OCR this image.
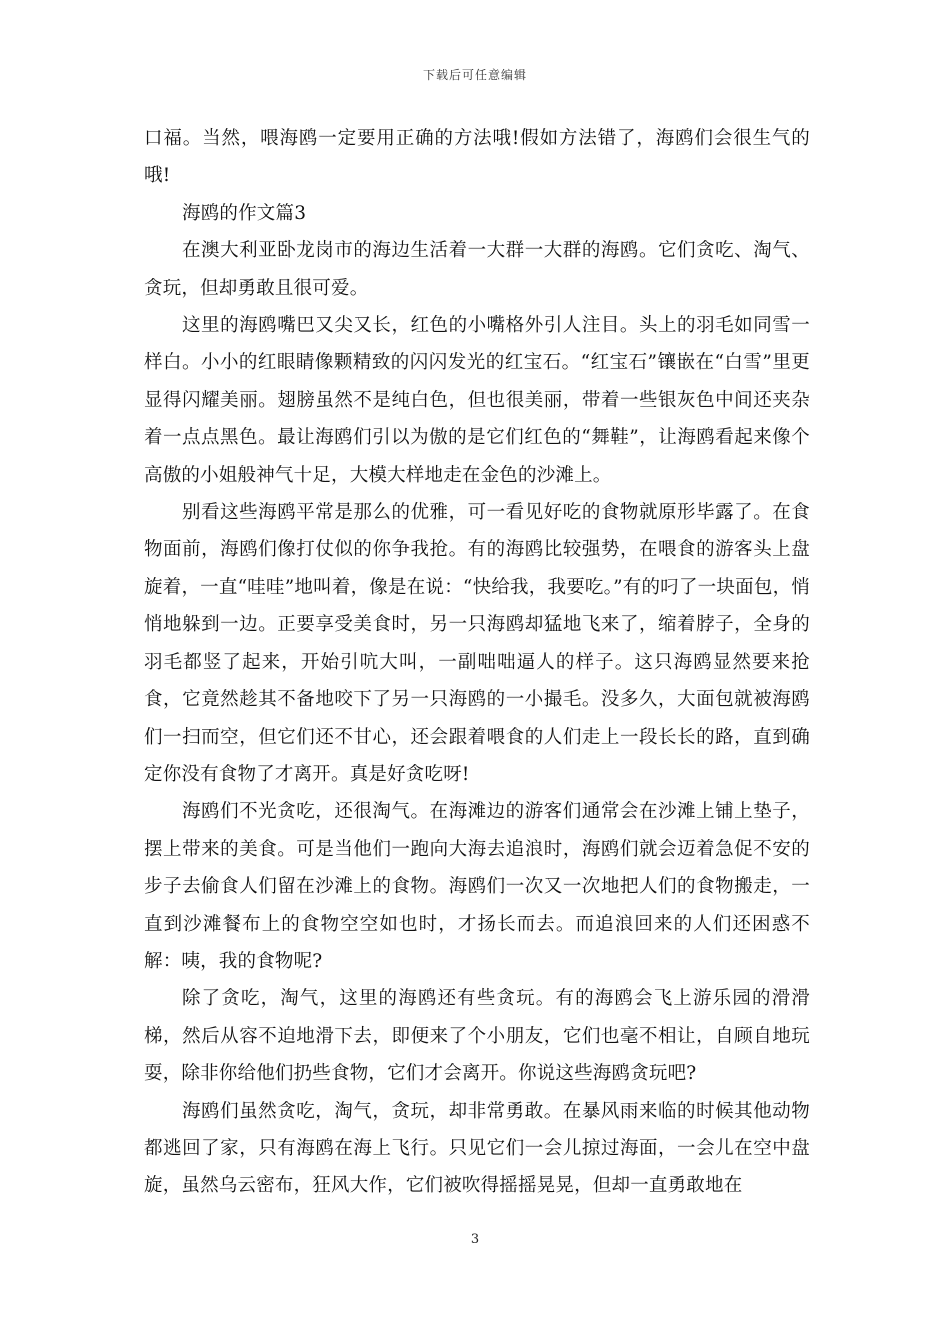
下载后可任意编辑

口福。当然，喂海鸥一定要用正确的方法哦!假如方法错了，海鸥们会很生气的哦!

海鸥的作文篇3

在澳大利亚卧龙岗市的海边生活着一大群一大群的海鸥。它们贪吃、淘气、贪玩，但却勇敢且很可爱。

这里的海鸥嘴巴又尖又长，红色的小嘴格外引人注目。头上的羽毛如同雪一样白。小小的红眼睛像颗精致的闪闪发光的红宝石。“红宝石”镶嵌在“白雪”里更显得闪耀美丽。翅膀虽然不是纯白色，但也很美丽，带着一些银灰色中间还夹杂着一点点黑色。最让海鸥们引以为傲的是它们红色的“舞鞋”，让海鸥看起来像个高傲的小姐般神气十足，大模大样地走在金色的沙滩上。

别看这些海鸥平常是那么的优雅，可一看见好吃的食物就原形毕露了。在食物面前，海鸥们像打仗似的你争我抢。有的海鸥比较强势，在喂食的游客头上盘旋着，一直“哇哇”地叫着，像是在说：“快给我，我要吃。”有的叼了一块面包，悄悄地躲到一边。正要享受美食时，另一只海鸥却猛地飞来了，缩着脖子，全身的羽毛都竖了起来，开始引吭大叫，一副咄咄逼人的样子。这只海鸥显然要来抢食，它竟然趁其不备地咬下了另一只海鸥的一小撮毛。没多久，大面包就被海鸥们一扫而空，但它们还不甘心，还会跟着喂食的人们走上一段长长的路，直到确定你没有食物了才离开。真是好贪吃呀!

海鸥们不光贪吃，还很淘气。在海滩边的游客们通常会在沙滩上铺上垫子，摆上带来的美食。可是当他们一跑向大海去追浪时，海鸥们就会迈着急促不安的步子去偷食人们留在沙滩上的食物。海鸥们一次又一次地把人们的食物搬走，一直到沙滩餐布上的食物空空如也时，才扬长而去。而追浪回来的人们还困惑不解：咦，我的食物呢?

除了贪吃，淘气，这里的海鸥还有些贪玩。有的海鸥会飞上游乐园的滑滑梯，然后从容不迫地滑下去，即便来了个小朋友，它们也毫不相让，自顾自地玩耍，除非你给他们扔些食物，它们才会离开。你说这些海鸥贪玩吧?

海鸥们虽然贪吃，淘气，贪玩，却非常勇敢。在暴风雨来临的时候其他动物都逃回了家，只有海鸥在海上飞行。只见它们一会儿掠过海面，一会儿在空中盘旋，虽然乌云密布，狂风大作，它们被吹得摇摇晃晃，但却一直勇敢地在

3
